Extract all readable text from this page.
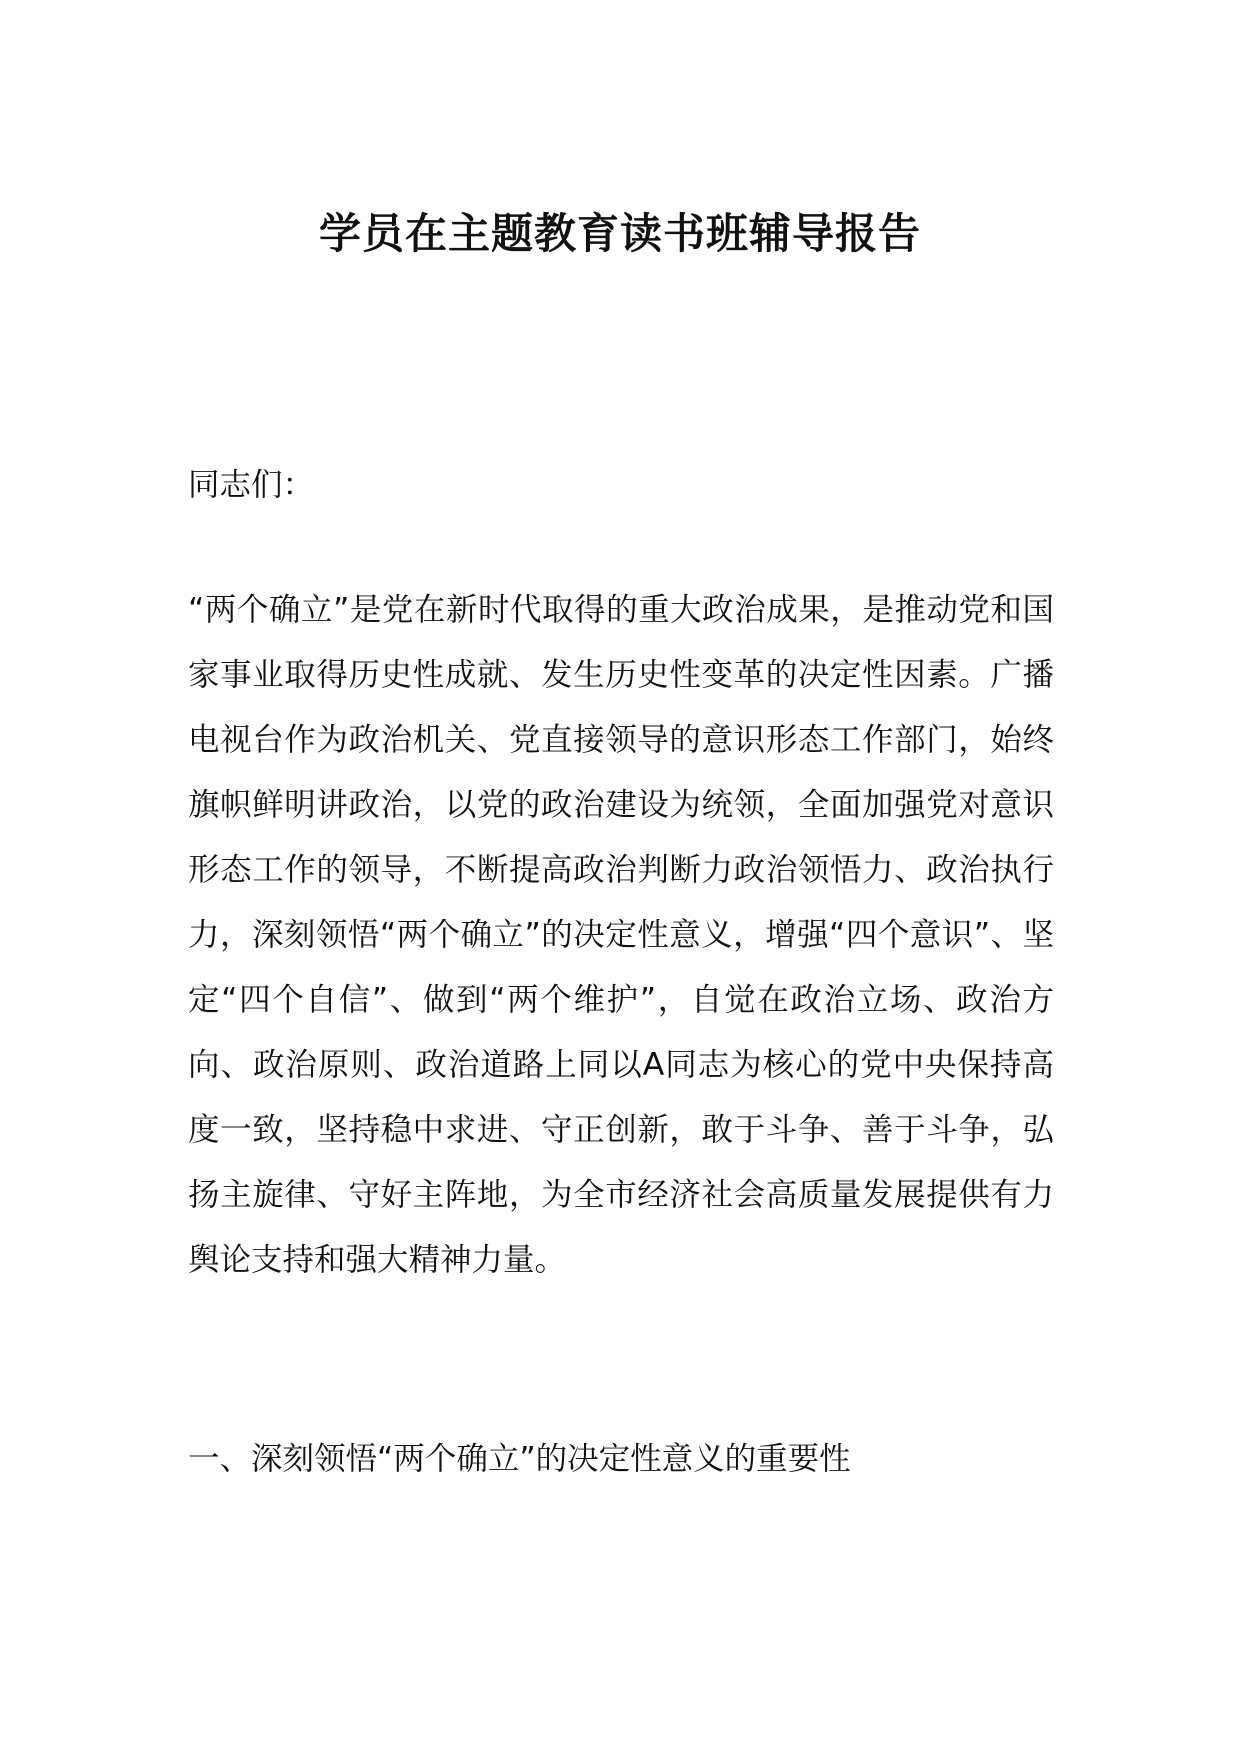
学员在主题教育读书班辅导报告

同志们：

“两个确立”是党在新时代取得的重大政治成果，是推动党和国家事业取得历史性成就、发生历史性变革的决定性因素。广播电视台作为政治机关、党直接领导的意识形态工作部门，始终旗帜鲜明讲政治，以党的政治建设为统领，全面加强党对意识形态工作的领导，不断提高政治判断力政治领悟力、政治执行力，深刻领悟“两个确立”的决定性意义，增强“四个意识”、坚定“四个自信”、做到“两个维护”，自觉在政治立场、政治方向、政治原则、政治道路上同以A同志为核心的党中央保持高度一致，坚持稳中求进、守正创新，敢于斗争、善于斗争，弘扬主旋律、守好主阵地，为全市经济社会高质量发展提供有力舆论支持和强大精神力量。

一、深刻领悟“两个确立”的决定性意义的重要性
